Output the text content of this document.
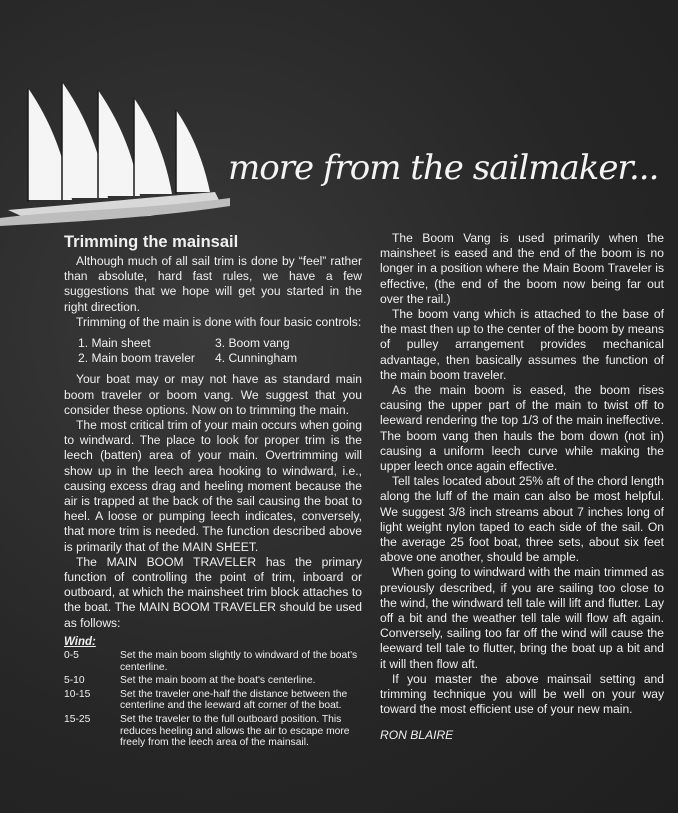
more from the sailmaker...
Trimming the mainsail

Although much of all sail trim is done by “feel” rather than absolute, hard fast rules, we have a few suggestions that we hope will get you started in the right direction.

Trimming of the main is done with four basic controls:

1. Main sheet	3. Boom vang
2. Main boom traveler	4. Cunningham

Your boat may or may not have as standard main boom traveler or boom vang. We suggest that you consider these options. Now on to trimming the main.

The most critical trim of your main occurs when going to windward. The place to look for proper trim is the leech (batten) area of your main. Overtrimming will show up in the leech area hooking to windward, i.e., causing excess drag and heeling moment because the air is trapped at the back of the sail causing the boat to heel. A loose or pumping leech indicates, conversely, that more trim is needed. The function described above is primarily that of the MAIN SHEET.

The MAIN BOOM TRAVELER has the primary function of controlling the point of trim, inboard or outboard, at which the mainsheet trim block attaches to the boat. The MAIN BOOM TRAVELER should be used as follows:

Wind:
0-5	Set the main boom slightly to windward of the boat's centerline.
5-10	Set the main boom at the boat's centerline.
10-15	Set the traveler one-half the distance between the centerline and the leeward aft corner of the boat.
15-25	Set the traveler to the full outboard position. This reduces heeling and allows the air to escape more freely from the leech area of the mainsail.

The Boom Vang is used primarily when the mainsheet is eased and the end of the boom is no longer in a position where the Main Boom Traveler is effective, (the end of the boom now being far out over the rail.)

The boom vang which is attached to the base of the mast then up to the center of the boom by means of pulley arrangement provides mechanical advantage, then basically assumes the function of the main boom traveler.

As the main boom is eased, the boom rises causing the upper part of the main to twist off to leeward rendering the top 1/3 of the main ineffective. The boom vang then hauls the bom down (not in) causing a uniform leech curve while making the upper leech once again effective.

Tell tales located about 25% aft of the chord length along the luff of the main can also be most helpful. We suggest 3/8 inch streams about 7 inches long of light weight nylon taped to each side of the sail. On the average 25 foot boat, three sets, about six feet above one another, should be ample.

When going to windward with the main trimmed as previously described, if you are sailing too close to the wind, the windward tell tale will lift and flutter. Lay off a bit and the weather tell tale will flow aft again. Conversely, sailing too far off the wind will cause the leeward tell tale to flutter, bring the boat up a bit and it will then flow aft.

If you master the above mainsail setting and trimming technique you will be well on your way toward the most efficient use of your new main.

RON BLAIRE
